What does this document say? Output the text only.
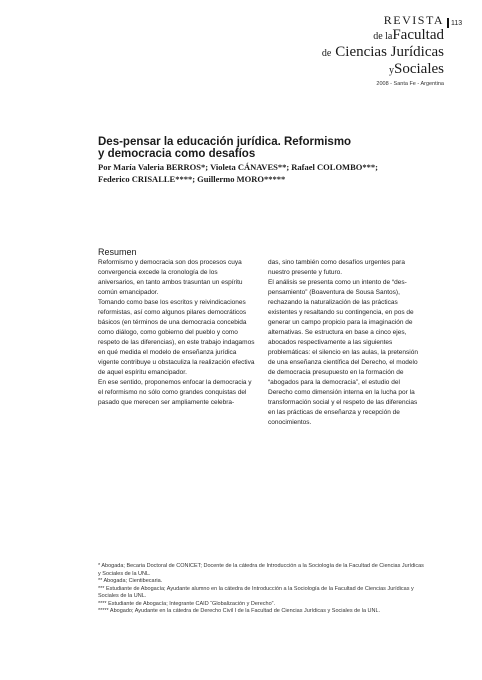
REVISTA
de laFacultad
de Ciencias Jurídicas
ySociales
2008 - Santa Fe - Argentina
113
Des-pensar la educación jurídica. Reformismo
y democracia como desafíos
Por María Valeria BERROS*; Violeta CÁNAVES**; Rafael COLOMBO***;
Federico CRISALLE****; Guillermo MORO*****
Resumen

Reformismo y democracia son dos procesos cuya convergencia excede la cronología de los aniversarios, en tanto ambos trasuntan un espíritu común emancipador.

Tomando como base los escritos y reivindicaciones reformistas, así como algunos pilares democráticos básicos (en términos de una democracia concebida como diálogo, como gobierno del pueblo y como respeto de las diferencias), en este trabajo indagamos en qué medida el modelo de enseñanza jurídica vigente contribuye u obstaculiza la realización efectiva de aquel espíritu emancipador.

En ese sentido, proponemos enfocar la democracia y el reformismo no sólo como grandes conquistas del pasado que merecen ser ampliamente celebra-

das, sino también como desafíos urgentes para nuestro presente y futuro.

El análisis se presenta como un intento de “des-pensamiento” (Boaventura de Sousa Santos), rechazando la naturalización de las prácticas existentes y resaltando su contingencia, en pos de generar un campo propicio para la imaginación de alternativas. Se estructura en base a cinco ejes, abocados respectivamente a las siguientes problemáticas: el silencio en las aulas, la pretensión de una enseñanza científica del Derecho, el modelo de democracia presupuesto en la formación de “abogados para la democracia”, el estudio del Derecho como dimensión interna en la lucha por la transformación social y el respeto de las diferencias en las prácticas de enseñanza y recepción de conocimientos.

* Abogada; Becaria Doctoral de CONICET; Docente de la cátedra de Introducción a la Sociología de la Facultad de Ciencias Jurídicas y Sociales de la UNL.

** Abogada; Cientibecaria.

*** Estudiante de Abogacía; Ayudante alumno en la cátedra de Introducción a la Sociología de la Facultad de Ciencias Jurídicas y Sociales de la UNL.

**** Estudiante de Abogacía; Integrante CAID “Globalización y Derecho”.

***** Abogado; Ayudante en la cátedra de Derecho Civil I de la Facultad de Ciencias Jurídicas y Sociales de la UNL.
